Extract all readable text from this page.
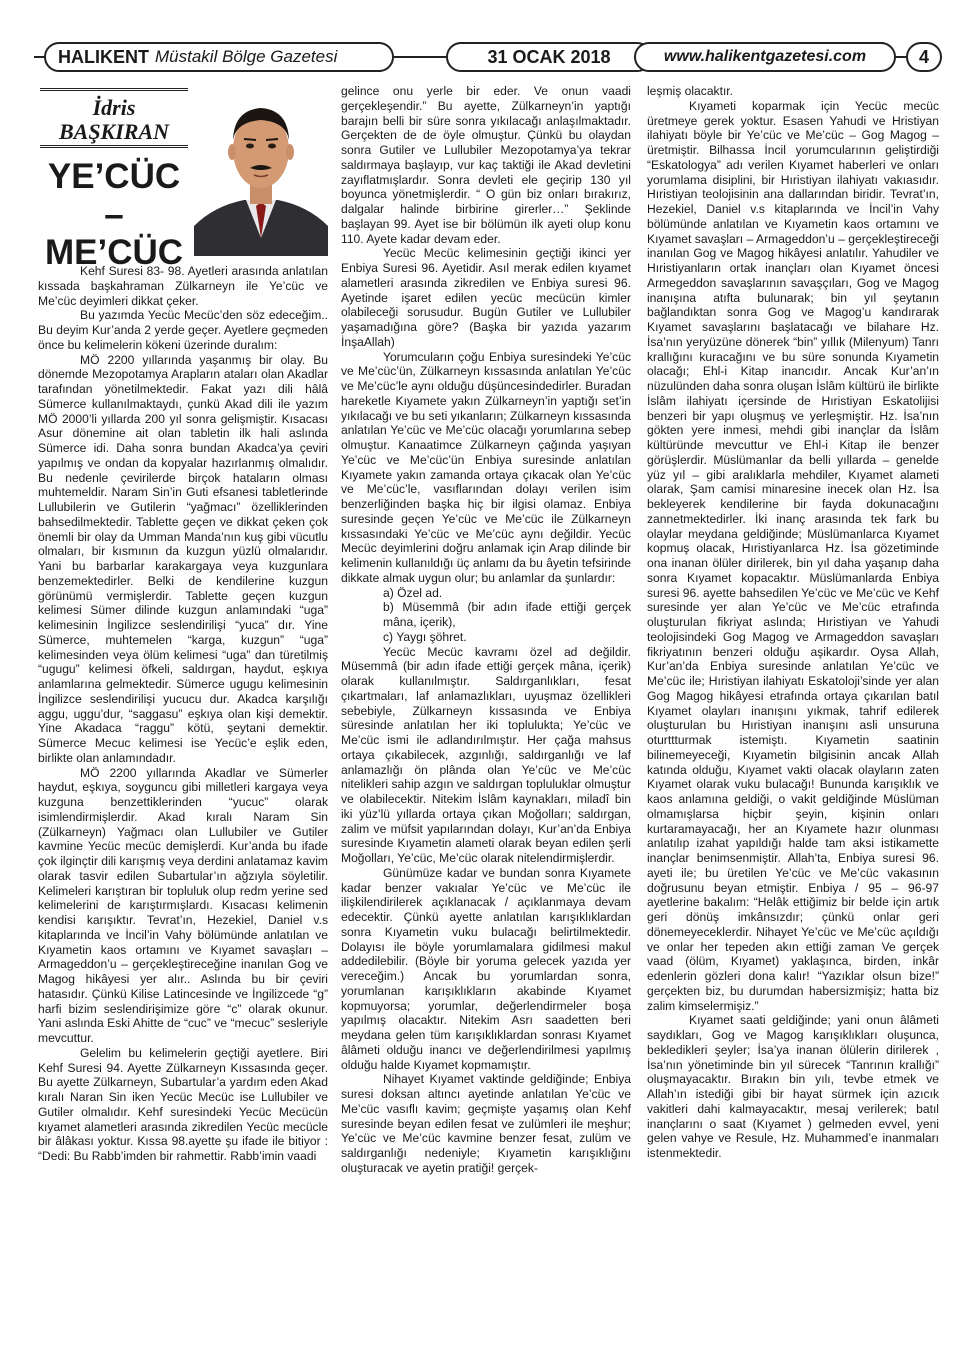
HALIKENT Müstakil Bölge Gazetesi	31 OCAK 2018	www.halikentgazetesi.com	4
İdris
BAŞKIRAN
YE’CÜC
–
ME’CÜC

Kehf Suresi 83- 98. Ayetleri arasında anlatılan kıssada başkahraman Zülkarneyn ile Ye’cüc ve Me’cüc deyimleri dikkat çeker.

Bu yazımda Yecüc Mecüc’den söz edeceğim.. Bu deyim Kur’anda 2 yerde geçer. Ayetlere geçmeden önce bu kelimelerin kökeni üzerinde duralım:

MÖ 2200 yıllarında yaşanmış bir olay. Bu dönemde Mezopotamya Arapların ataları olan Akadlar tarafından yönetilmektedir. Fakat yazı dili hâlâ Sümerce kullanılmaktaydı, çunkü Akad dili ile yazım MÖ 2000’li yıllarda 200 yıl sonra gelişmiştir. Kısacası Asur dönemine ait olan tabletin ilk hali aslında Sümerce idi. Daha sonra bundan Akadca’ya çeviri yapılmış ve ondan da kopyalar hazırlanmış olmalıdır. Bu nedenle çevirilerde birçok hataların olması muhtemeldir. Naram Sin’in Guti efsanesi tabletlerinde Lullubilerin ve Gutilerin “yağmacı” özelliklerinden bahsedilmektedir. Tablette geçen ve dikkat çeken çok önemli bir olay da Umman Manda’nın kuş gibi vücutlu olmaları, bir kısmının da kuzgun yüzlü olmalarıdır. Yani bu barbarlar karakargaya veya kuzgunlara benzemektedirler. Belki de kendilerine kuzgun görünümü vermişlerdir. Tablette geçen kuzgun kelimesi Sümer dilinde kuzgun anlamındaki “uga” kelimesinin İngilizce seslendirilişi “yuca” dır. Yine Sümerce, muhtemelen “karga, kuzgun” “uga” kelimesinden veya ölüm kelimesi “uga” dan türetilmiş “ugugu” kelimesi öfkeli, saldırgan, haydut, eşkıya anlamlarına gelmektedir. Sümerce ugugu kelimesinin İngilizce seslendirilişi yucucu dur. Akadca karşılığı aggu, uggu’dur, “saggasu” eşkıya olan kişi demektir. Yine Akadaca “raggu” kötü, şeytani demektir. Sümerce Mecuc kelimesi ise Yecüc’e eşlik eden, birlikte olan anlamındadır.

MÖ 2200 yıllarında Akadlar ve Sümerler haydut, eşkıya, soyguncu gibi milletleri kargaya veya kuzguna benzettiklerinden “yucuc” olarak isimlendirmişlerdir. Akad kıralı Naram Sin (Zülkarneyn) Yağmacı olan Lullubiler ve Gutiler kavmine Yecüc mecüc demişlerdi. Kur’anda bu ifade çok ilginçtir dili karışmış veya derdini anlatamaz kavim olarak tasvir edilen Subartular’ın ağzıyla söyletilir. Kelimeleri karıştıran bir topluluk olup redm yerine sed kelimelerini de karıştırmışlardı. Kısacası kelimenin kendisi karışıktır. Tevrat’ın, Hezekiel, Daniel v.s kitaplarında ve İncil’in Vahy bölümünde anlatılan ve Kıyametin kaos ortamını ve Kıyamet savaşları – Armageddon’u – gerçekleştireceğine inanılan Gog ve Magog hikâyesi yer alır.. Aslında bu bir çeviri hatasıdır. Çünkü Kilise Latincesinde ve İngilizcede “g” harfi bizim seslendirişimize göre “c” olarak okunur. Yani aslında Eski Ahitte de “cuc” ve “mecuc” sesleriyle mevcuttur.

Gelelim bu kelimelerin geçtiği ayetlere. Biri Kehf Suresi 94. Ayette Zülkarneyn Kıssasında geçer. Bu ayette Zülkarneyn, Subartular’a yardım eden Akad kıralı Naran Sin iken Yecüc Mecüc ise Lullubiler ve Gutiler olmalıdır. Kehf suresindeki Yecüc Mecücün kıyamet alametleri arasında zikredilen Yecüc mecücle bir âlâkası yoktur. Kıssa 98.ayette şu ifade ile bitiyor : “Dedi: Bu Rabb’imden bir rahmettir. Rabb’imin vaadi

gelince onu yerle bir eder. Ve onun vaadi gerçekleşendir.” Bu ayette, Zülkarneyn’in yaptığı barajın belli bir süre sonra yıkılacağı anlaşılmaktadır. Gerçekten de de öyle olmuştur. Çünkü bu olaydan sonra Gutiler ve Lullubiler Mezopotamya’ya tekrar saldırmaya başlayıp, vur kaç taktiği ile Akad devletini zayıflatmışlardır. Sonra devleti ele geçirip 130 yıl boyunca yönetmişlerdir. “ O gün biz onları bırakırız, dalgalar halinde birbirine girerler…” Şeklinde başlayan 99. Ayet ise bir bölümün ilk ayeti olup konu 110. Ayete kadar devam eder.

Yecüc Mecüc kelimesinin geçtiği ikinci yer Enbiya Suresi 96. Ayetidir. Asıl merak edilen kıyamet alametleri arasında zikredilen ve Enbiya suresi 96. Ayetinde işaret edilen yecüc mecücün kimler olabileceği sorusudur. Bugün Gutiler ve Lullubiler yaşamadığına göre? (Başka bir yazıda yazarım İnşaAllah)

Yorumcuların çoğu Enbiya suresindeki Ye’cüc ve Me’cüc’ün, Zülkarneyn kıssasında anlatılan Ye’cüc ve Me’cüc’le aynı olduğu düşüncesindedirler. Buradan hareketle Kıyamete yakın Zülkarneyn’in yaptığı set’in yıkılacağı ve bu seti yıkanların; Zülkarneyn kıssasında anlatılan Ye’cüc ve Me’cüc olacağı yorumlarına sebep olmuştur. Kanaatimce Zülkarneyn çağında yaşıyan Ye’cüc ve Me’cüc’ün Enbiya suresinde anlatılan Kıyamete yakın zamanda ortaya çıkacak olan Ye’cüc ve Me’cüc’le, vasıflarından dolayı verilen isim benzerliğinden başka hiç bir ilgisi olamaz. Enbiya suresinde geçen Ye’cüc ve Me’cüc ile Zülkarneyn kıssasındaki Ye’cüc ve Me’cüc aynı değildir. Yecüc Mecüc deyimlerini doğru anlamak için Arap dilinde bir kelimenin kullanıldığı üç anlamı da bu âyetin tefsirinde dikkate almak uygun olur; bu anlamlar da şunlardır:

a) Özel ad.

b) Müsemmâ (bir adın ifade ettiği gerçek mâna, içerik),

c) Yaygı şöhret.

Yecüc Mecüc kavramı özel ad değildir. Müsemmâ (bir adın ifade ettiği gerçek mâna, içerik) olarak kullanılmıştır. Saldırganlıkları, fesat çıkartmaları, laf anlamazlıkları, uyuşmaz özellikleri sebebiyle, Zülkarneyn kıssasında ve Enbiya süresinde anlatılan her iki toplulukta; Ye’cüc ve Me’cüc ismi ile adlandırılmıştır. Her çağa mahsus ortaya çıkabilecek, azgınlığı, saldırganlığı ve laf anlamazlığı ön plânda olan Ye’cüc ve Me’cüc nitelikleri sahip azgın ve saldırgan topluluklar olmuştur ve olabilecektir. Nitekim İslâm kaynakları, miladî bin iki yüz’lü yıllarda ortaya çıkan Moğolları; saldırgan, zalim ve müfsit yapılarından dolayı, Kur’an’da Enbiya suresinde Kıyametin alameti olarak beyan edilen şerli Moğolları, Ye’cüc, Me’cüc olarak nitelendirmişlerdir.

Günümüze kadar ve bundan sonra Kıyamete kadar benzer vakıalar Ye’cüc ve Me’cüc ile ilişkilendirilerek açıklanacak / açıklanmaya devam edecektir. Çünkü ayette anlatılan karışıklıklardan sonra Kıyametin vuku bulacağı belirtilmektedir. Dolayısı ile böyle yorumlamalara gidilmesi makul addedilebilir. (Böyle bir yoruma gelecek yazıda yer vereceğim.) Ancak bu yorumlardan sonra, yorumlanan karışıklıkların akabinde Kıyamet kopmuyorsa; yorumlar, değerlendirmeler boşa yapılmış olacaktır. Nitekim Asrı saadetten beri meydana gelen tüm karışıklıklardan sonrası Kıyamet âlâmeti olduğu inancı ve değerlendirilmesi yapılmış olduğu halde Kıyamet kopmamıştır.

Nihayet Kıyamet vaktinde geldiğinde; Enbiya suresi doksan altıncı ayetinde anlatılan Ye’cüc ve Me’cüc vasıflı kavim; geçmişte yaşamış olan Kehf suresinde beyan edilen fesat ve zulümleri ile meşhur; Ye’cüc ve Me’cüc kavmine benzer fesat, zulüm ve saldırganlığı nedeniyle; Kıyametin karışıklığını oluşturacak ve ayetin pratiği! gerçek-

leşmiş olacaktır.

Kıyameti koparmak için Yecüc mecüc üretmeye gerek yoktur. Esasen Yahudi ve Hristiyan ilahiyatı böyle bir Ye’cüc ve Me’cüc – Gog Magog – üretmiştir. Bilhassa İncil yorumcularının geliştirdiği “Eskatologya” adı verilen Kıyamet haberleri ve onları yorumlama disiplini, bir Hıristiyan ilahiyatı vakıasıdır. Hıristiyan teolojisinin ana dallarından biridir. Tevrat’ın, Hezekiel, Daniel v.s kitaplarında ve İncil’in Vahy bölümünde anlatılan ve Kıyametin kaos ortamını ve Kıyamet savaşları – Armageddon’u – gerçekleştireceği inanılan Gog ve Magog hikâyesi anlatılır. Yahudiler ve Hıristiyanların ortak inançları olan Kıyamet öncesi Armegeddon savaşlarının savaşçıları, Gog ve Magog inanışına atıfta bulunarak; bin yıl şeytanın bağlandıktan sonra Gog ve Magog’u kandırarak Kıyamet savaşlarını başlatacağı ve bilahare Hz. İsa’nın yeryüzüne dönerek “bin” yıllık (Milenyum) Tanrı krallığını kuracağını ve bu süre sonunda Kıyametin olacağı; Ehl-i Kitap inancıdır. Ancak Kur’an’ın nüzulünden daha sonra oluşan İslâm kültürü ile birlikte İslâm ilahiyatı içersinde de Hıristiyan Eskatolijisi benzeri bir yapı oluşmuş ve yerleşmiştir. Hz. İsa’nın gökten yere inmesi, mehdi gibi inançlar da İslâm kültüründe mevcuttur ve Ehl-i Kitap ile benzer görüşlerdir. Müslümanlar da belli yıllarda – genelde yüz yıl – gibi aralıklarla mehdiler, Kıyamet alameti olarak, Şam camisi minaresine inecek olan Hz. İsa bekleyerek kendilerine bir fayda dokunacağını zannetmektedirler. İki inanç arasında tek fark bu olaylar meydana geldiğinde; Müslümanlarca Kıyamet kopmuş olacak, Hıristiyanlarca Hz. İsa gözetiminde ona inanan ölüler dirilerek, bin yıl daha yaşanıp daha sonra Kıyamet kopacaktır. Müslümanlarda Enbiya suresi 96. ayette bahsedilen Ye’cüc ve Me’cüc ve Kehf suresinde yer alan Ye’cüc ve Me’cüc etrafında oluşturulan fikriyat aslında; Hıristiyan ve Yahudi teolojisindeki Gog Magog ve Armageddon savaşları fikriyatının benzeri olduğu aşikardır. Oysa Allah, Kur’an’da Enbiya suresinde anlatılan Ye’cüc ve Me’cüc ile; Hıristiyan ilahiyatı Eskatoloji’sinde yer alan Gog Magog hikâyesi etrafında ortaya çıkarılan batıl Kıyamet olayları inanışını yıkmak, tahrif edilerek oluşturulan bu Hıristiyan inanışını asli unsuruna oturttturmak istemiştı. Kıyametin saatinin bilinemeyeceği, Kıyametin bilgisinin ancak Allah katında olduğu, Kıyamet vakti olacak olayların zaten Kıyamet olarak vuku bulacağı! Bununda karışıklık ve kaos anlamına geldiği, o vakit geldiğinde Müslüman olmamışlarsa hiçbir şeyin, kişinin onları kurtaramayacağı, her an Kıyamete hazır olunması anlatılıp izahat yapıldığı halde tam aksi istikamette inançlar benimsenmiştir. Allah’ta, Enbiya suresi 96. ayeti ile; bu üretilen Ye’cüc ve Me’cüc vakasının doğrusunu beyan etmiştir. Enbiya / 95 – 96-97 ayetlerine bakalım: “Helâk ettiğimiz bir belde için artık geri dönüş imkânsızdır; çünkü onlar geri dönemeyeceklerdir. Nihayet Ye’cüc ve Me’cüc açıldığı ve onlar her tepeden akın ettiği zaman Ve gerçek vaad (ölüm, Kıyamet) yaklaşınca, birden, inkâr edenlerin gözleri dona kalır! “Yazıklar olsun bize!” gerçekten biz, bu durumdan habersizmişiz; hatta biz zalim kimselermişiz.”

Kıyamet saati geldiğinde; yani onun âlâmeti saydıkları, Gog ve Magog karışıklıkları oluşunca, bekledikleri şeyler; İsa’ya inanan ölülerin dirilerek , İsa’nın yönetiminde bin yıl sürecek “Tanrının krallığı” oluşmayacaktır. Bırakın bin yılı, tevbe etmek ve Allah’ın istediği gibi bir hayat sürmek için azıcık vakitleri dahi kalmayacaktır, mesaj verilerek; batıl inançlarını o saat (Kıyamet ) gelmeden evvel, yeni gelen vahye ve Resule, Hz. Muhammed’e inanmaları istenmektedir.
